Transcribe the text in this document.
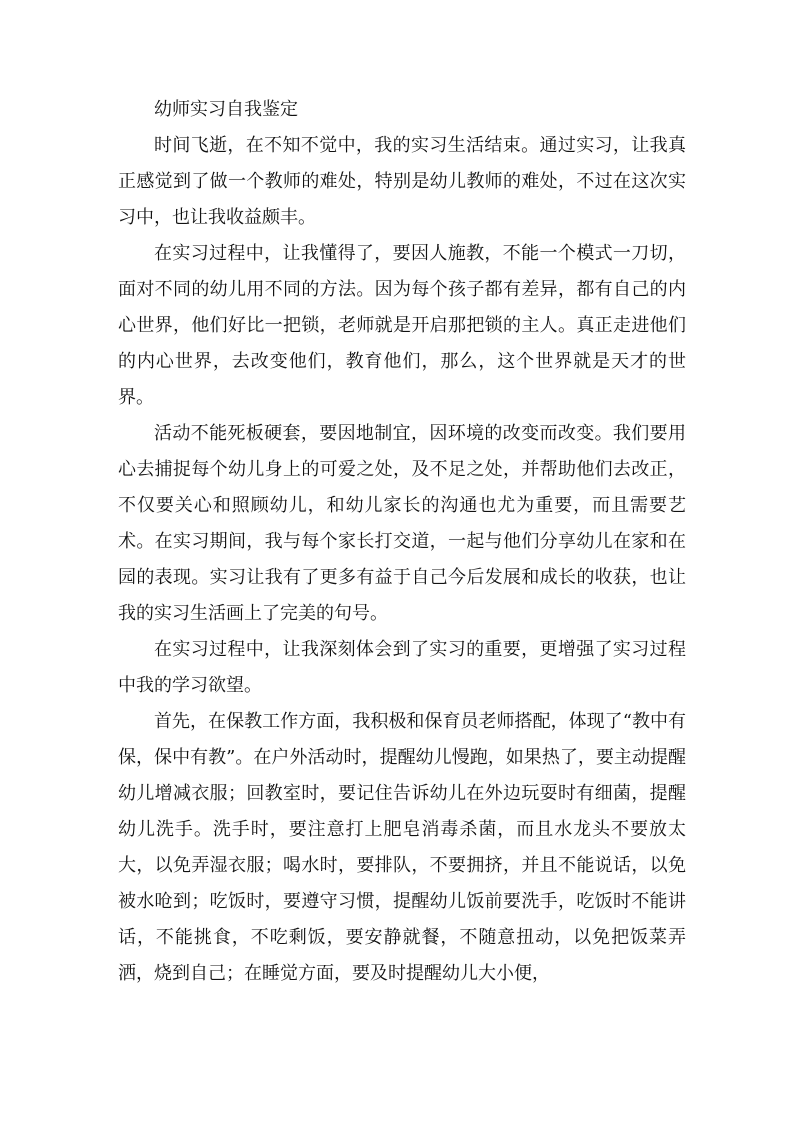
幼师实习自我鉴定

时间飞逝，在不知不觉中，我的实习生活结束。通过实习，让我真正感觉到了做一个教师的难处，特别是幼儿教师的难处，不过在这次实习中，也让我收益颇丰。

在实习过程中，让我懂得了，要因人施教，不能一个模式一刀切，面对不同的幼儿用不同的方法。因为每个孩子都有差异，都有自己的内心世界，他们好比一把锁，老师就是开启那把锁的主人。真正走进他们的内心世界，去改变他们，教育他们，那么，这个世界就是天才的世界。

活动不能死板硬套，要因地制宜，因环境的改变而改变。我们要用心去捕捉每个幼儿身上的可爱之处，及不足之处，并帮助他们去改正，不仅要关心和照顾幼儿，和幼儿家长的沟通也尤为重要，而且需要艺术。在实习期间，我与每个家长打交道，一起与他们分享幼儿在家和在园的表现。实习让我有了更多有益于自己今后发展和成长的收获，也让我的实习生活画上了完美的句号。

在实习过程中，让我深刻体会到了实习的重要，更增强了实习过程中我的学习欲望。

首先，在保教工作方面，我积极和保育员老师搭配，体现了“教中有保，保中有教”。在户外活动时，提醒幼儿慢跑，如果热了，要主动提醒幼儿增减衣服；回教室时，要记住告诉幼儿在外边玩耍时有细菌，提醒幼儿洗手。洗手时，要注意打上肥皂消毒杀菌，而且水龙头不要放太大，以免弄湿衣服；喝水时，要排队，不要拥挤，并且不能说话，以免被水呛到；吃饭时，要遵守习惯，提醒幼儿饭前要洗手，吃饭时不能讲话，不能挑食，不吃剩饭，要安静就餐，不随意扭动，以免把饭菜弄洒，烧到自己；在睡觉方面，要及时提醒幼儿大小便，
